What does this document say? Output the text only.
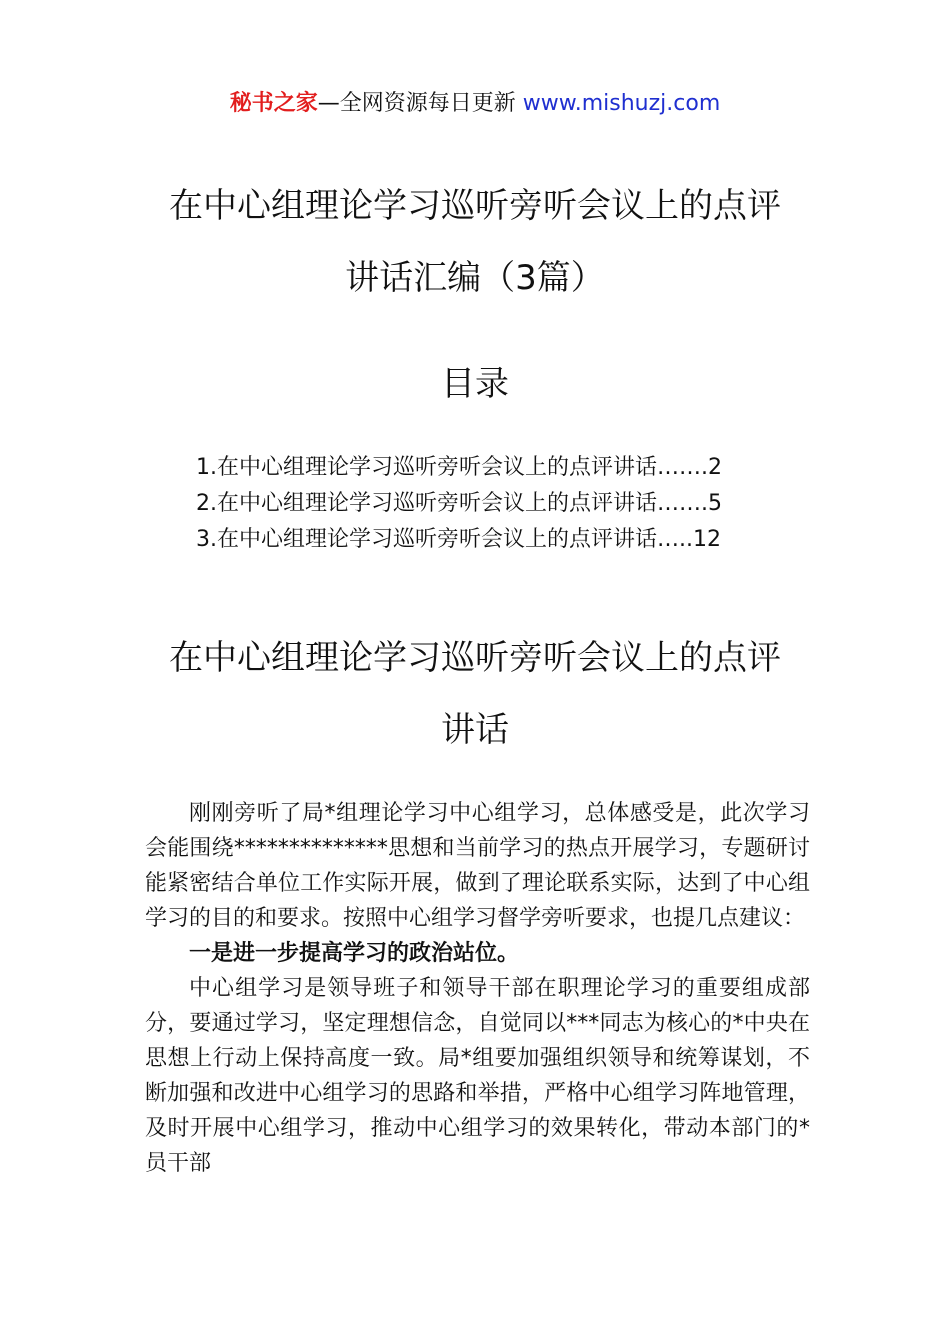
秘书之家—全网资源每日更新 www.mishuzj.com
在中心组理论学习巡听旁听会议上的点评
讲话汇编（3篇）
目录
1.在中心组理论学习巡听旁听会议上的点评讲话…….2
2.在中心组理论学习巡听旁听会议上的点评讲话…….5
3.在中心组理论学习巡听旁听会议上的点评讲话…..12
在中心组理论学习巡听旁听会议上的点评
讲话

刚刚旁听了局*组理论学习中心组学习，总体感受是，此次学习会能围绕**************思想和当前学习的热点开展学习，专题研讨能紧密结合单位工作实际开展，做到了理论联系实际，达到了中心组学习的目的和要求。按照中心组学习督学旁听要求，也提几点建议：

一是进一步提高学习的政治站位。

中心组学习是领导班子和领导干部在职理论学习的重要组成部分，要通过学习，坚定理想信念，自觉同以***同志为核心的*中央在思想上行动上保持高度一致。局*组要加强组织领导和统筹谋划，不断加强和改进中心组学习的思路和举措，严格中心组学习阵地管理，及时开展中心组学习，推动中心组学习的效果转化，带动本部门的*员干部
